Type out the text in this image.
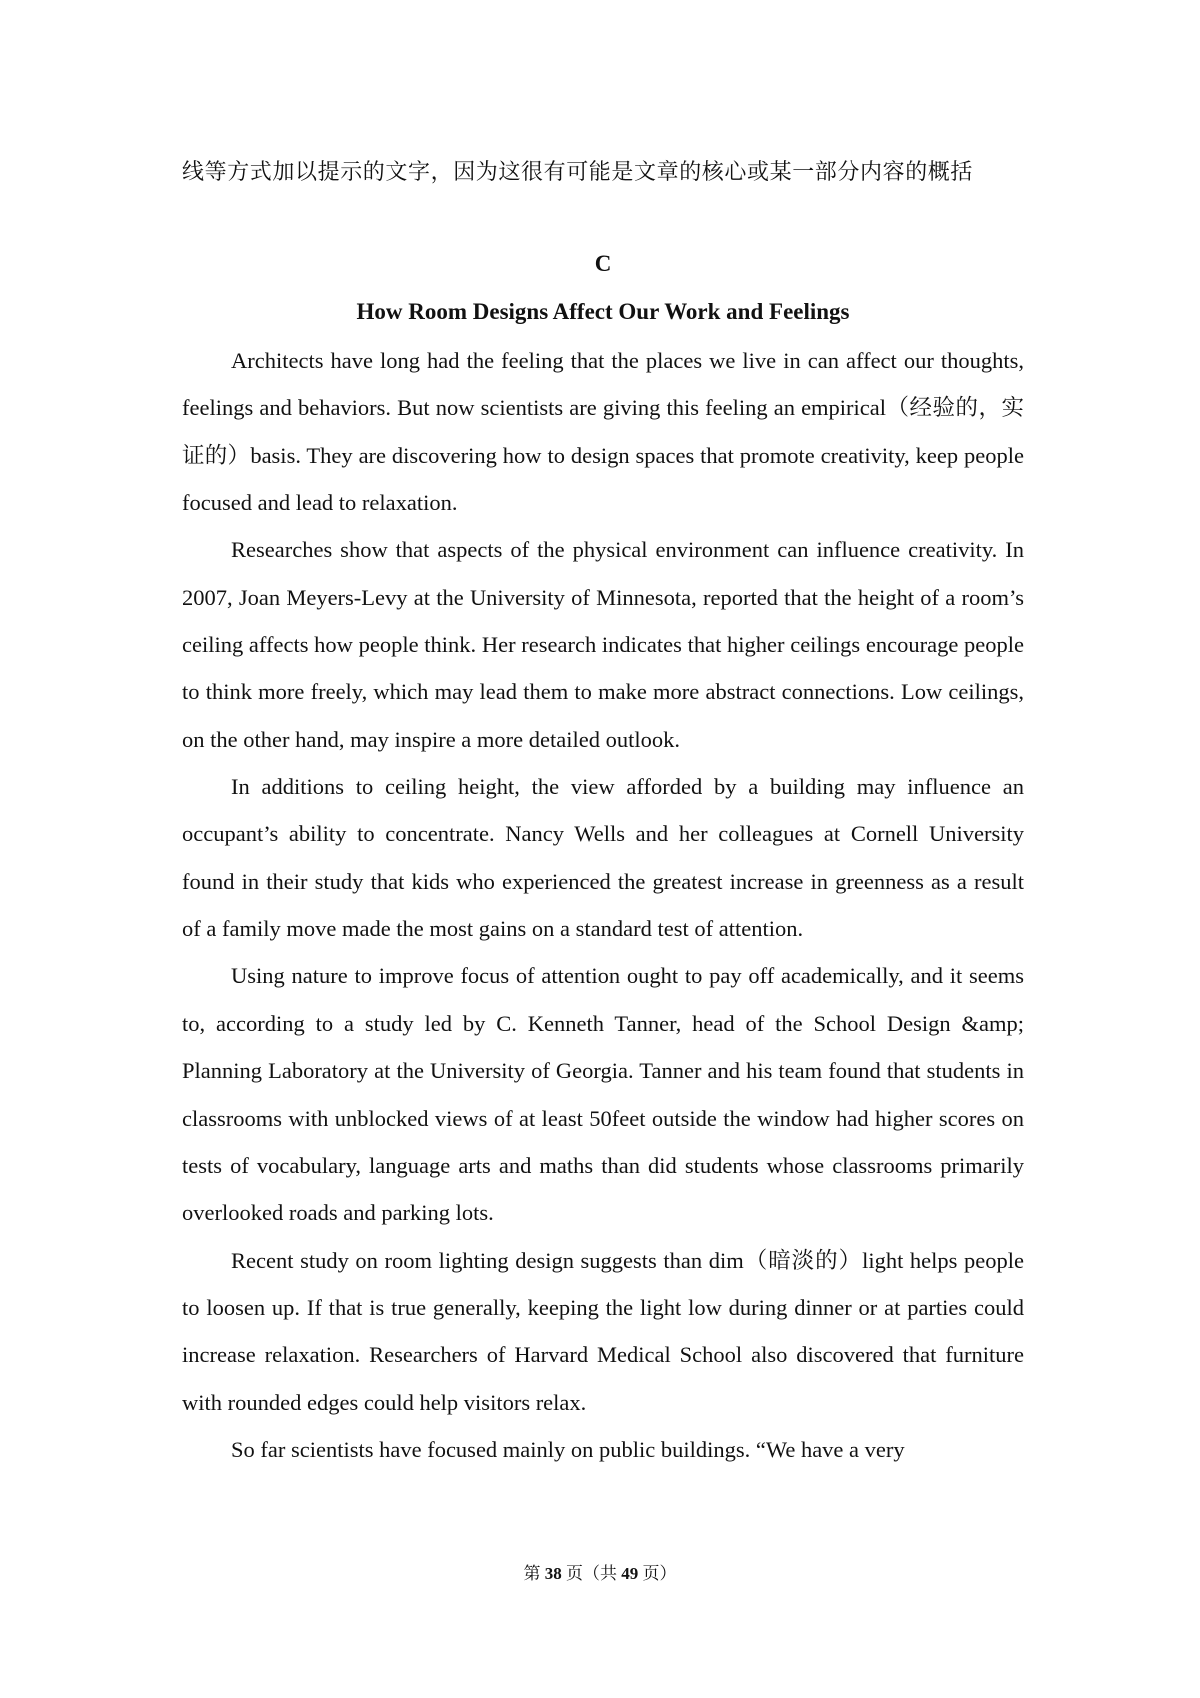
线等方式加以提示的文字，因为这很有可能是文章的核心或某一部分内容的概括
C
How Room Designs Affect Our Work and Feelings

Architects have long had the feeling that the places we live in can affect our thoughts, feelings and behaviors. But now scientists are giving this feeling an empirical（经验的，实证的）basis. They are discovering how to design spaces that promote creativity, keep people focused and lead to relaxation.

Researches show that aspects of the physical environment can influence creativity. In 2007, Joan Meyers-Levy at the University of Minnesota, reported that the height of a room’s ceiling affects how people think. Her research indicates that higher ceilings encourage people to think more freely, which may lead them to make more abstract connections. Low ceilings, on the other hand, may inspire a more detailed outlook.

In additions to ceiling height, the view afforded by a building may influence an occupant’s ability to concentrate. Nancy Wells and her colleagues at Cornell University found in their study that kids who experienced the greatest increase in greenness as a result of a family move made the most gains on a standard test of attention.

Using nature to improve focus of attention ought to pay off academically, and it seems to, according to a study led by C. Kenneth Tanner, head of the School Design &amp; Planning Laboratory at the University of Georgia. Tanner and his team found that students in classrooms with unblocked views of at least 50feet outside the window had higher scores on tests of vocabulary, language arts and maths than did students whose classrooms primarily overlooked roads and parking lots.

Recent study on room lighting design suggests than dim（暗淡的）light helps people to loosen up. If that is true generally, keeping the light low during dinner or at parties could increase relaxation. Researchers of Harvard Medical School also discovered that furniture with rounded edges could help visitors relax.

So far scientists have focused mainly on public buildings. “We have a very

第 38 页（共 49 页）
